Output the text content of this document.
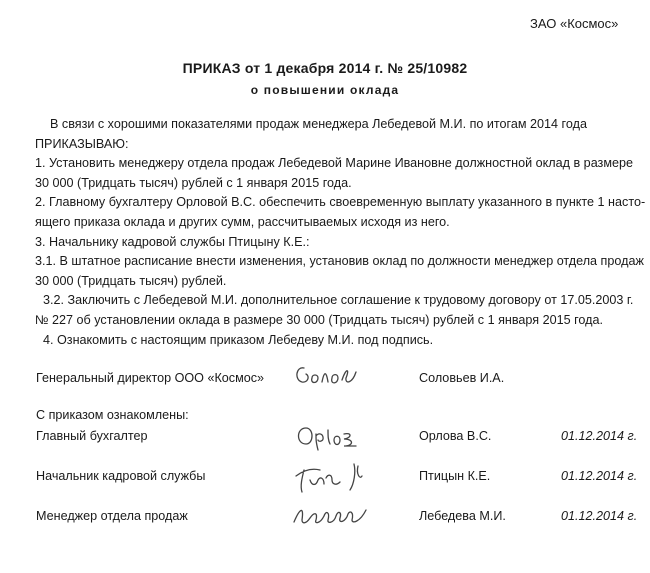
ЗАО «Космос»
ПРИКАЗ от 1 декабря 2014 г. № 25/10982
о повышении оклада

В связи с хорошими показателями продаж менеджера Лебедевой М.И. по итогам 2014 года

ПРИКАЗЫВАЮ:

1. Установить менеджеру отдела продаж Лебедевой Марине Ивановне должностной оклад в размере

30 000 (Тридцать тысяч) рублей с 1 января 2015 года.

2. Главному бухгалтеру Орловой В.С. обеспечить своевременную выплату указанного в пункте 1 насто-

ящего приказа оклада и других сумм, рассчитываемых исходя из него.

3. Начальнику кадровой службы Птицыну К.Е.:

3.1. В штатное расписание внести изменения, установив оклад по должности менеджер отдела продаж

30 000 (Тридцать тысяч) рублей.

3.2. Заключить с Лебедевой М.И. дополнительное соглашение к трудовому договору от 17.05.2003 г.

№ 227 об установлении оклада в размере 30 000 (Тридцать тысяч) рублей с 1 января 2015 года.

4. Ознакомить с настоящим приказом Лебедеву М.И. под подпись.

Генеральный директор ООО «Космос»	Соловьев И.А.
С приказом ознакомлены:
Главный бухгалтер	Орлова В.С.	01.12.2014 г.
Начальник кадровой службы	Птицын К.Е.	01.12.2014 г.
Менеджер отдела продаж	Лебедева М.И.	01.12.2014 г.
